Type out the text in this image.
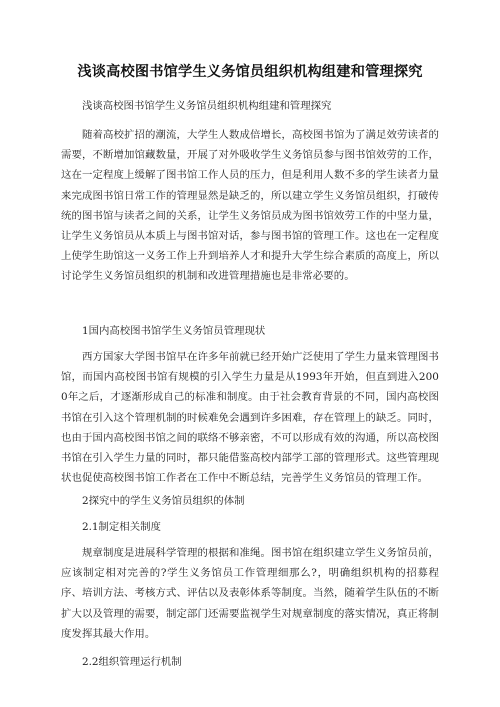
浅谈高校图书馆学生义务馆员组织机构组建和管理探究
浅谈高校图书馆学生义务馆员组织机构组建和管理探究
随着高校扩招的潮流，大学生人数成倍增长，高校图书馆为了满足效劳读者的需要，不断增加馆藏数量，开展了对外吸收学生义务馆员参与图书馆效劳的工作，这在一定程度上缓解了图书馆工作人员的压力，但是利用人数不多的学生读者力量来完成图书馆日常工作的管理显然是缺乏的，所以建立学生义务馆员组织，打破传统的图书馆与读者之间的关系，让学生义务馆员成为图书馆效劳工作的中坚力量，让学生义务馆员从本质上与图书馆对话，参与图书馆的管理工作。这也在一定程度上使学生助馆这一义务工作上升到培养人才和提升大学生综合素质的高度上，所以讨论学生义务馆员组织的机制和改进管理措施也是非常必要的。
1国内高校图书馆学生义务馆员管理现状
西方国家大学图书馆早在许多年前就已经开始广泛使用了学生力量来管理图书馆，而国内高校图书馆有规模的引入学生力量是从1993年开始，但直到进入2000年之后，才逐渐形成自己的标准和制度。由于社会教育背景的不同，国内高校图书馆在引入这个管理机制的时候难免会遇到许多困难，存在管理上的缺乏。同时，也由于国内高校图书馆之间的联络不够亲密，不可以形成有效的沟通，所以高校图书馆在引入学生力量的同时，都只能借鉴高校内部学工部的管理形式。这些管理现状也促使高校图书馆工作者在工作中不断总结，完善学生义务馆员的管理工作。
2探究中的学生义务馆员组织的体制
2.1制定相关制度
规章制度是进展科学管理的根据和准绳。图书馆在组织建立学生义务馆员前，应该制定相对完善的?学生义务馆员工作管理细那么?，明确组织机构的招募程序、培训方法、考核方式、评估以及表彰体系等制度。当然，随着学生队伍的不断扩大以及管理的需要，制定部门还需要监视学生对规章制度的落实情况，真正将制度发挥其最大作用。
2.2组织管理运行机制
